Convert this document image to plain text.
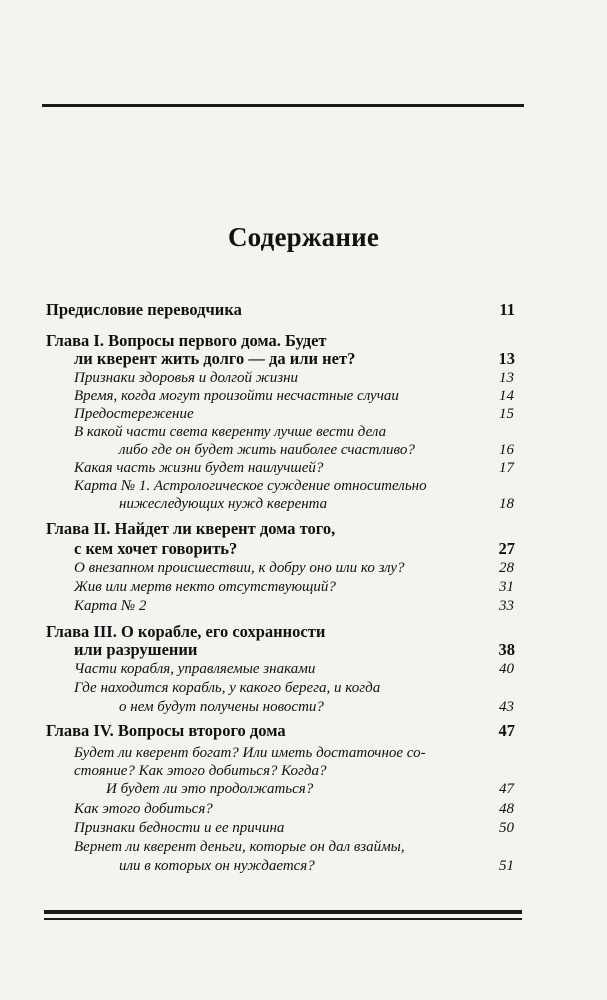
Содержание
Предисловие переводчика	11
Глава I. Вопросы первого дома. Будет
ли кверент жить долго — да или нет?	13
Признаки здоровья и долгой жизни	13
Время, когда могут произойти несчастные случаи	14
Предостережение	15
В какой части света кверенту лучше вести дела
либо где он будет жить наиболее счастливо?	16
Какая часть жизни будет наилучшей?	17
Карта № 1. Астрологическое суждение относительно
нижеследующих нужд кверента	18
Глава II. Найдет ли кверент дома того,
с кем хочет говорить?	27
О внезапном происшествии, к добру оно или ко злу?	28
Жив или мертв некто отсутствующий?	31
Карта № 2	33
Глава III. О корабле, его сохранности
или разрушении	38
Части корабля, управляемые знаками	40
Где находится корабль, у какого берега, и когда
о нем будут получены новости?	43
Глава IV. Вопросы второго дома	47
Будет ли кверент богат? Или иметь достаточное со-
стояние? Как этого добиться? Когда?
И будет ли это продолжаться?	47
Как этого добиться?	48
Признаки бедности и ее причина	50
Вернет ли кверент деньги, которые он дал взаймы,
или в которых он нуждается?	51
